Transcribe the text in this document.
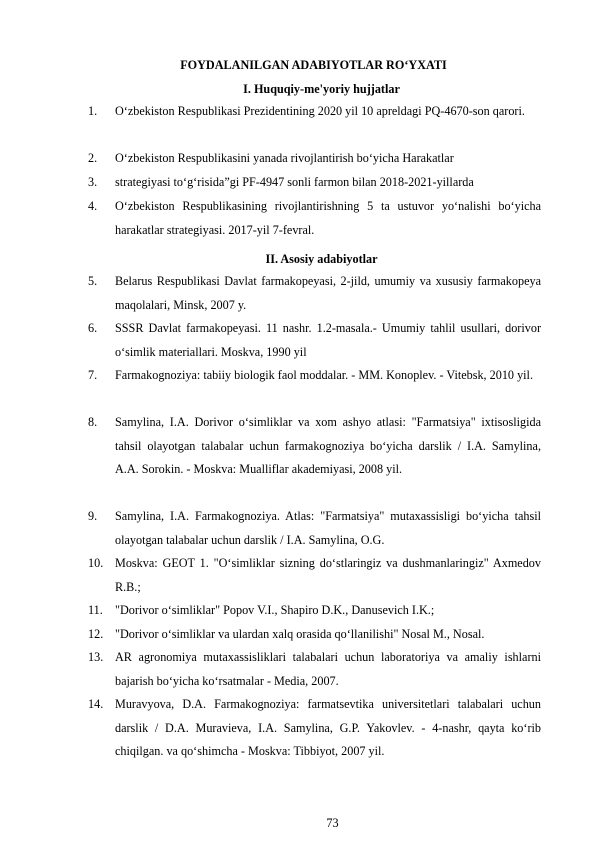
FOYDALANILGAN ADABIYOTLAR RO‘YXATI
I. Huquqiy-me'yoriy hujjatlar
1.	O‘zbekiston Respublikasi Prezidentining 2020 yil 10 apreldagi PQ-4670-son qarori.
2.	O‘zbekiston Respublikasini yanada rivojlantirish bo‘yicha Harakatlar
3.	strategiyasi to‘g‘risida”gi PF-4947 sonli farmon bilan 2018-2021-yillarda
4.	O‘zbekiston Respublikasining rivojlantirishning 5 ta ustuvor yo‘nalishi bo‘yicha harakatlar strategiyasi. 2017-yil 7-fevral.
II. Asosiy adabiyotlar
5.	Belarus Respublikasi Davlat farmakopeyasi, 2-jild, umumiy va xususiy farmakopeya maqolalari, Minsk, 2007 y.
6.	SSSR Davlat farmakopeyasi. 11 nashr. 1.2-masala.- Umumiy tahlil usullari, dorivor o‘simlik materiallari. Moskva, 1990 yil
7.	Farmakognoziya: tabiiy biologik faol moddalar. - MM. Konoplev. - Vitebsk, 2010 yil.
8.	Samylina, I.A. Dorivor o‘simliklar va xom ashyo atlasi: "Farmatsiya" ixtisosligida tahsil olayotgan talabalar uchun farmakognoziya bo‘yicha darslik / I.A. Samylina, A.A. Sorokin. - Moskva: Mualliflar akademiyasi, 2008 yil.
9.	Samylina, I.A. Farmakognoziya. Atlas: "Farmatsiya" mutaxassisligi bo‘yicha tahsil olayotgan talabalar uchun darslik / I.A. Samylina, O.G.
10. Moskva: GEOT 1. "O‘simliklar sizning do‘stlaringiz va dushmanlaringiz" Axmedov R.B.;
11.	"Dorivor o‘simliklar" Popov V.I., Shapiro D.K., Danusevich I.K.;
12. "Dorivor o‘simliklar va ulardan xalq orasida qo‘llanilishi" Nosal M., Nosal.
13. AR agronomiya mutaxassisliklari talabalari uchun laboratoriya va amaliy ishlarni bajarish bo‘yicha ko‘rsatmalar - Media, 2007.
14. Muravyova, D.A. Farmakognoziya: farmatsevtika universitetlari talabalari uchun darslik / D.A. Muravieva, I.A. Samylina, G.P. Yakovlev. - 4-nashr, qayta ko‘rib chiqilgan. va qo‘shimcha - Moskva: Tibbiyot, 2007 yil.
73
